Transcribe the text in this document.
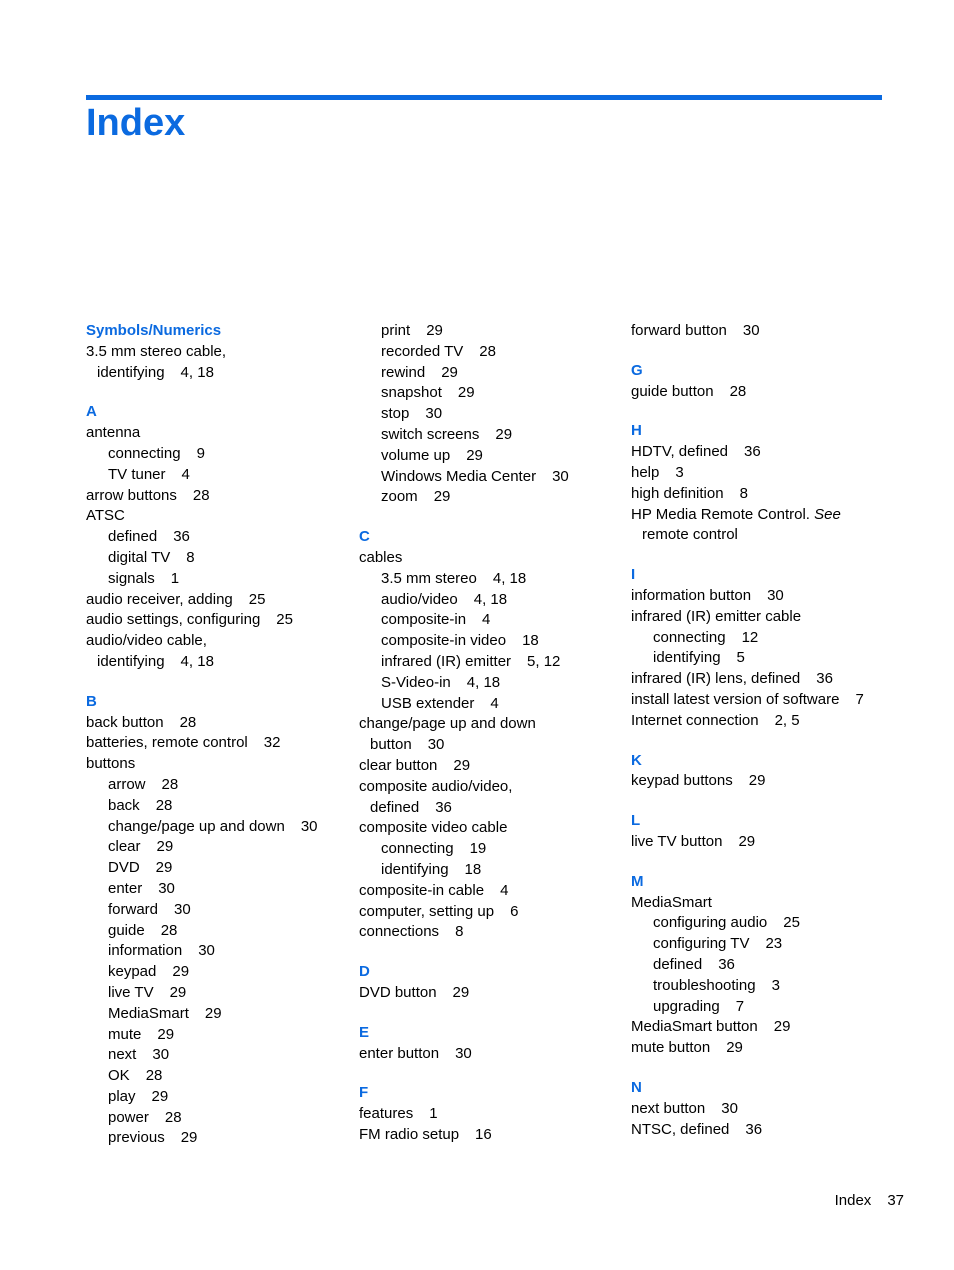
Index

Symbols/Numerics

3.5 mm stereo cable,

identifying 4, 18

A

antenna

connecting 9

TV tuner 4

arrow buttons 28

ATSC

defined 36

digital TV 8

signals 1

audio receiver, adding 25

audio settings, configuring 25

audio/video cable,

identifying 4, 18

B

back button 28

batteries, remote control 32

buttons

arrow 28

back 28

change/page up and down 30

clear 29

DVD 29

enter 30

forward 30

guide 28

information 30

keypad 29

live TV 29

MediaSmart 29

mute 29

next 30

OK 28

play 29

power 28

previous 29

print 29

recorded TV 28

rewind 29

snapshot 29

stop 30

switch screens 29

volume up 29

Windows Media Center 30

zoom 29

C

cables

3.5 mm stereo 4, 18

audio/video 4, 18

composite-in 4

composite-in video 18

infrared (IR) emitter 5, 12

S-Video-in 4, 18

USB extender 4

change/page up and down

button 30

clear button 29

composite audio/video,

defined 36

composite video cable

connecting 19

identifying 18

composite-in cable 4

computer, setting up 6

connections 8

D

DVD button 29

E

enter button 30

F

features 1

FM radio setup 16

forward button 30

G

guide button 28

H

HDTV, defined 36

help 3

high definition 8

HP Media Remote Control. See

remote control

I

information button 30

infrared (IR) emitter cable

connecting 12

identifying 5

infrared (IR) lens, defined 36

install latest version of software 7

Internet connection 2, 5

K

keypad buttons 29

L

live TV button 29

M

MediaSmart

configuring audio 25

configuring TV 23

defined 36

troubleshooting 3

upgrading 7

MediaSmart button 29

mute button 29

N

next button 30

NTSC, defined 36

Index 37
